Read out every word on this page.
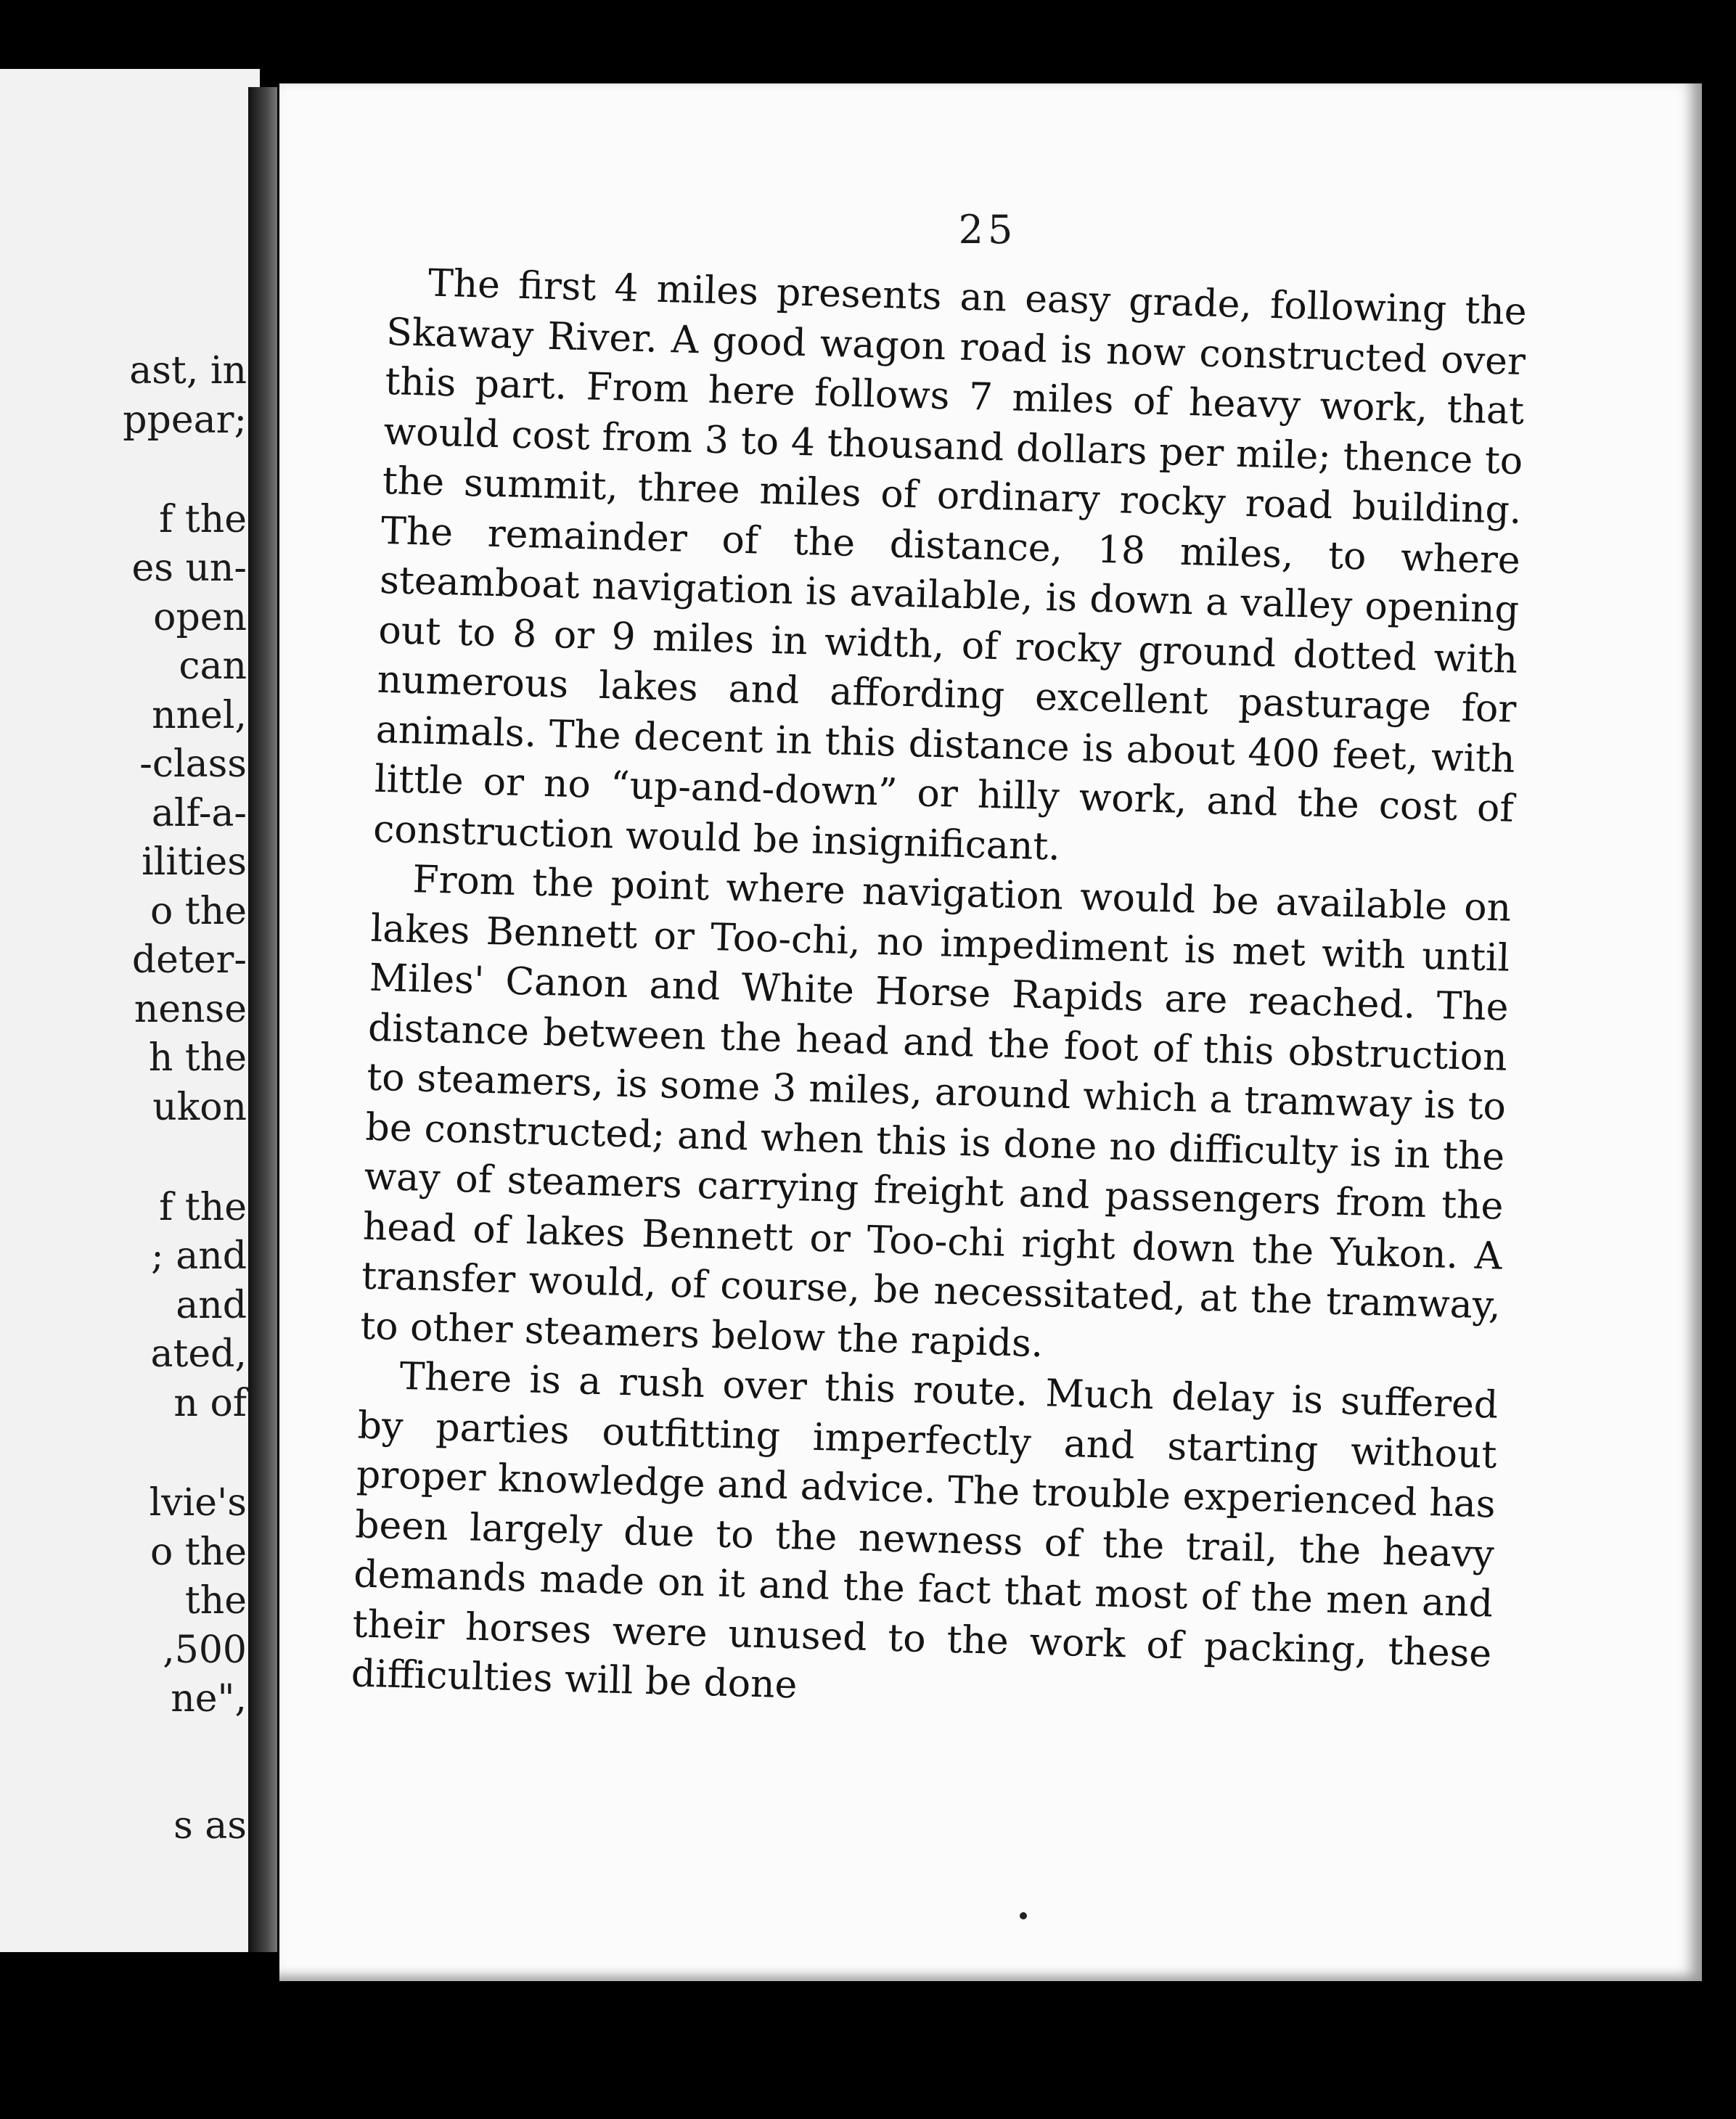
ast, in
ppear;
f the
es un-
open
can
nnel,
-class
alf-a-
ilities
o the
deter-
nense
h the
ukon
f the
; and
and
ated,
n of
lvie's
o the
the
,500
ne",
s as
25

The first 4 miles presents an easy grade, following the Skaway River. A good wagon road is now constructed over this part. From here follows 7 miles of heavy work, that would cost from 3 to 4 thousand dollars per mile; thence to the summit, three miles of ordinary rocky road building. The remainder of the distance, 18 miles, to where steamboat navigation is available, is down a valley opening out to 8 or 9 miles in width, of rocky ground dotted with numerous lakes and affording excellent pasturage for animals. The decent in this distance is about 400 feet, with little or no “up-and-down” or hilly work, and the cost of construction would be insignificant.

From the point where navigation would be available on lakes Bennett or Too-chi, no impediment is met with until Miles' Canon and White Horse Rapids are reached. The distance between the head and the foot of this obstruction to steamers, is some 3 miles, around which a tramway is to be constructed; and when this is done no difficulty is in the way of steamers carrying freight and passengers from the head of lakes Bennett or Too-chi right down the Yukon. A transfer would, of course, be necessitated, at the tramway, to other steamers below the rapids.

There is a rush over this route. Much delay is suffered by parties outfitting imperfectly and starting without proper knowledge and advice. The trouble experienced has been largely due to the newness of the trail, the heavy demands made on it and the fact that most of the men and their horses were unused to the work of packing, these difficulties will be done
